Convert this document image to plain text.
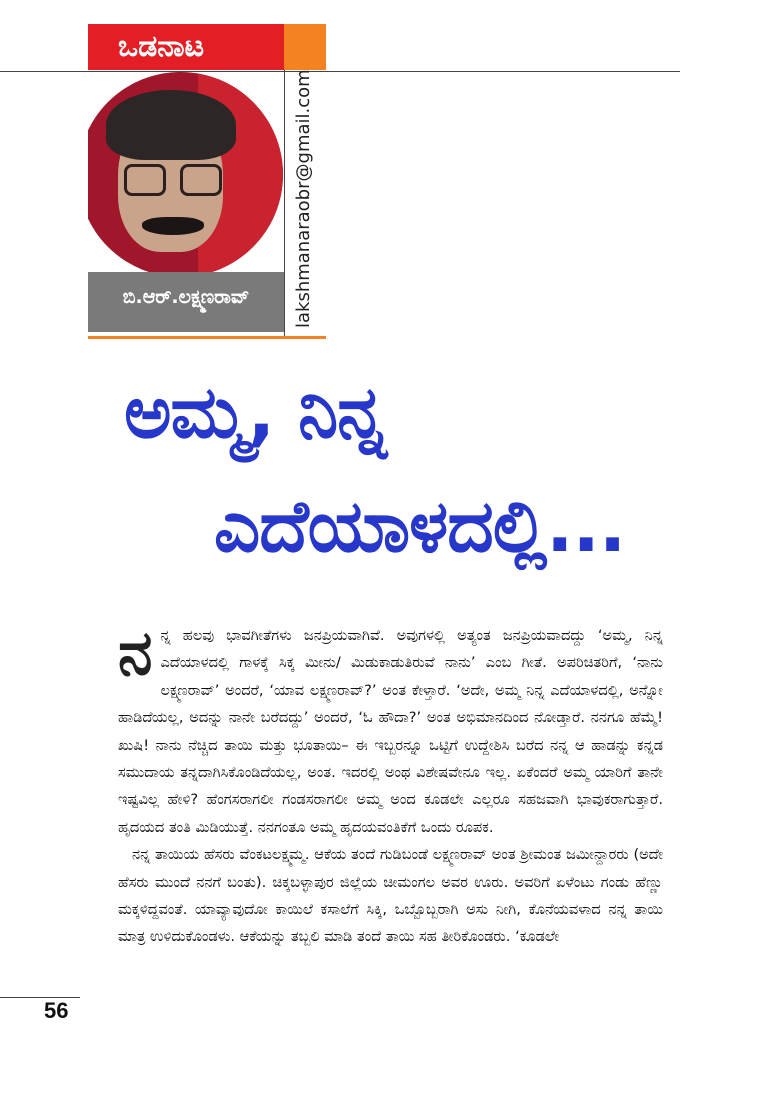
ಒಡನಾಟ
ಬಿ.ಆರ್.ಲಕ್ಷ್ಮಣರಾವ್	lakshmanaraobr@gmail.com
ಅಮ್ಮ, ನಿನ್ನ
ಎದೆಯಾಳದಲ್ಲಿ...

ನನ್ನ ಹಲವು ಭಾವಗೀತೆಗಳು ಜನಪ್ರಿಯವಾಗಿವೆ. ಅವುಗಳಲ್ಲಿ ಅತ್ಯಂತ ಜನಪ್ರಿಯವಾದದ್ದು ‘ಅಮ್ಮ, ನಿನ್ನ ಎದೆಯಾಳದಲ್ಲಿ ಗಾಳಕ್ಕೆ ಸಿಕ್ಕ ಮೀನು/ ಮಿಡುಕಾಡುತಿರುವೆ ನಾನು’ ಎಂಬ ಗೀತೆ. ಅಪರಿಚಿತರಿಗೆ, ‘ನಾನು ಲಕ್ಷ್ಮಣರಾವ್’ ಅಂದರೆ, ‘ಯಾವ ಲಕ್ಷ್ಮಣರಾವ್?’ ಅಂತ ಕೇಳ್ತಾರೆ. ‘ಅದೇ, ಅಮ್ಮ ನಿನ್ನ ಎದೆಯಾಳದಲ್ಲಿ, ಅನ್ನೋ ಹಾಡಿದೆಯಲ್ಲ, ಅದನ್ನು ನಾನೇ ಬರೆದದ್ದು’ ಅಂದರೆ, ‘ಓ ಹೌದಾ?’ ಅಂತ ಅಭಿಮಾನದಿಂದ ನೋಡ್ತಾರೆ. ನನಗೂ ಹೆಮ್ಮೆ! ಖುಷಿ! ನಾನು ನೆಚ್ಚಿದ ತಾಯಿ ಮತ್ತು ಭೂತಾಯಿ– ಈ ಇಬ್ಬರನ್ನೂ ಒಟ್ಟಿಗೆ ಉದ್ದೇಶಿಸಿ ಬರೆದ ನನ್ನ ಆ ಹಾಡನ್ನು ಕನ್ನಡ ಸಮುದಾಯ ತನ್ನದಾಗಿಸಿಕೊಂಡಿದೆಯಲ್ಲ, ಅಂತ. ಇದರಲ್ಲಿ ಅಂಥ ವಿಶೇಷವೇನೂ ಇಲ್ಲ. ಏಕೆಂದರೆ ಅಮ್ಮ ಯಾರಿಗೆ ತಾನೇ ಇಷ್ಟವಿಲ್ಲ ಹೇಳಿ? ಹೆಂಗಸರಾಗಲೀ ಗಂಡಸರಾಗಲೀ ಅಮ್ಮ ಅಂದ ಕೂಡಲೇ ಎಲ್ಲರೂ ಸಹಜವಾಗಿ ಭಾವುಕರಾಗುತ್ತಾರೆ. ಹೃದಯದ ತಂತಿ ಮಿಡಿಯುತ್ತೆ. ನನಗಂತೂ ಅಮ್ಮ ಹೃದಯವಂತಿಕೆಗೆ ಒಂದು ರೂಪಕ.

ನನ್ನ ತಾಯಿಯ ಹೆಸರು ವೆಂಕಟಲಕ್ಷ್ಮಮ್ಮ. ಆಕೆಯ ತಂದೆ ಗುಡಿಬಂಡೆ ಲಕ್ಷ್ಮಣರಾವ್ ಅಂತ ಶ್ರೀಮಂತ ಜಮೀನ್ದಾರರು (ಅದೇ ಹೆಸರು ಮುಂದೆ ನನಗೆ ಬಂತು). ಚಿಕ್ಕಬಳ್ಳಾಪುರ ಜಿಲ್ಲೆಯ ಚೀಮಂಗಲ ಅವರ ಊರು. ಅವರಿಗೆ ಏಳೆಂಟು ಗಂಡು ಹೆಣ್ಣು ಮಕ್ಕಳಿದ್ದವಂತೆ. ಯಾವ್ಯಾವುದೋ ಕಾಯಿಲೆ ಕಸಾಲೆಗೆ ಸಿಕ್ಕಿ, ಒಬ್ಬೊಬ್ಬರಾಗಿ ಅಸು ನೀಗಿ, ಕೊನೆಯವಳಾದ ನನ್ನ ತಾಯಿ ಮಾತ್ರ ಉಳಿದುಕೊಂಡಳು. ಆಕೆಯನ್ನು ತಬ್ಬಲಿ ಮಾಡಿ ತಂದೆ ತಾಯಿ ಸಹ ತೀರಿಕೊಂಡರು. ‘ಕೂಡಲೇ

56
